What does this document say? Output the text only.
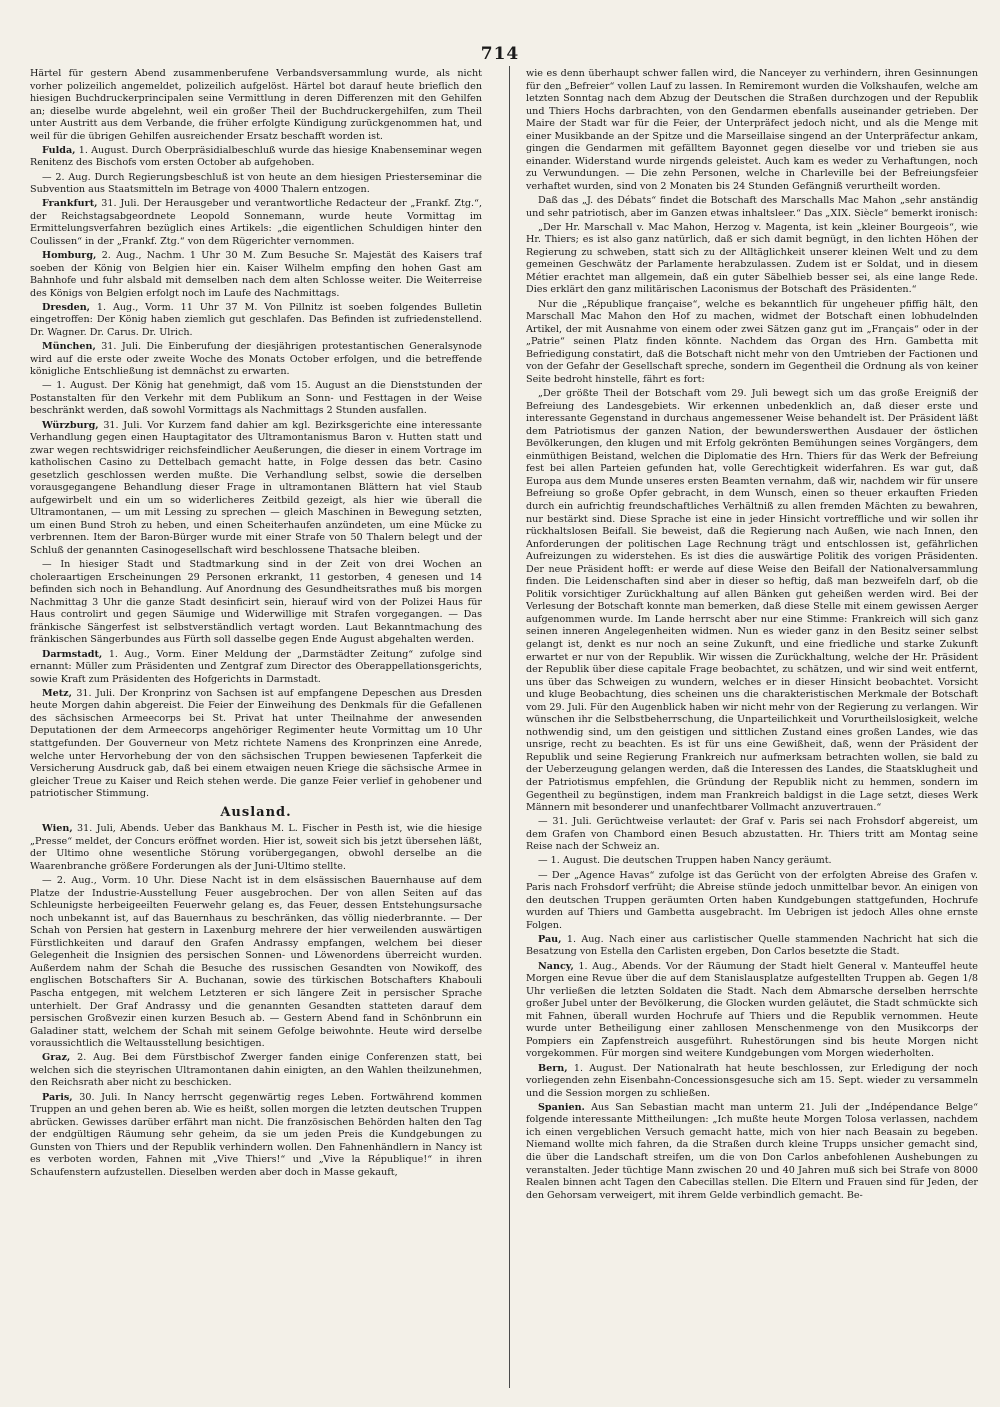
714

Härtel für gestern Abend zusammenberufene Verbandsversammlung wurde, als nicht vorher polizeilich angemeldet, polizeilich aufgelöst. Härtel bot darauf heute brieflich den hiesigen Buchdruckerprincipalen seine Vermittlung in deren Differenzen mit den Gehilfen an; dieselbe wurde abgelehnt, weil ein großer Theil der Buchdruckergehilfen, zum Theil unter Austritt aus dem Verbande, die früher erfolgte Kündigung zurückgenommen hat, und weil für die übrigen Gehilfen ausreichender Ersatz beschafft worden ist.

Fulda, 1. August. Durch Oberpräsidialbeschluß wurde das hiesige Knabenseminar wegen Renitenz des Bischofs vom ersten October ab aufgehoben.

— 2. Aug. Durch Regierungsbeschluß ist von heute an dem hiesigen Priesterseminar die Subvention aus Staatsmitteln im Betrage von 4000 Thalern entzogen.

Frankfurt, 31. Juli. Der Herausgeber und verantwortliche Redacteur der „Frankf. Ztg.“, der Reichstagsabgeordnete Leopold Sonnemann, wurde heute Vormittag im Ermittelungsverfahren bezüglich eines Artikels: „die eigentlichen Schuldigen hinter den Coulissen“ in der „Frankf. Ztg.“ von dem Rügerichter vernommen.

Homburg, 2. Aug., Nachm. 1 Uhr 30 M. Zum Besuche Sr. Majestät des Kaisers traf soeben der König von Belgien hier ein. Kaiser Wilhelm empfing den hohen Gast am Bahnhofe und fuhr alsbald mit demselben nach dem alten Schlosse weiter. Die Weiterreise des Königs von Belgien erfolgt noch im Laufe des Nachmittags.

Dresden, 1. Aug., Vorm. 11 Uhr 37 M. Von Pillnitz ist soeben folgendes Bulletin eingetroffen: Der König haben ziemlich gut geschlafen. Das Befinden ist zufriedenstellend. Dr. Wagner. Dr. Carus. Dr. Ulrich.

München, 31. Juli. Die Einberufung der diesjährigen protestantischen Generalsynode wird auf die erste oder zweite Woche des Monats October erfolgen, und die betreffende königliche Entschließung ist demnächst zu erwarten.

— 1. August. Der König hat genehmigt, daß vom 15. August an die Dienststunden der Postanstalten für den Verkehr mit dem Publikum an Sonn- und Festtagen in der Weise beschränkt werden, daß sowohl Vormittags als Nachmittags 2 Stunden ausfallen.

Würzburg, 31. Juli. Vor Kurzem fand dahier am kgl. Bezirksgerichte eine interessante Verhandlung gegen einen Hauptagitator des Ultramontanismus Baron v. Hutten statt und zwar wegen rechtswidriger reichsfeindlicher Aeußerungen, die dieser in einem Vortrage im katholischen Casino zu Dettelbach gemacht hatte, in Folge dessen das betr. Casino gesetzlich geschlossen werden mußte. Die Verhandlung selbst, sowie die derselben vorausgegangene Behandlung dieser Frage in ultramontanen Blättern hat viel Staub aufgewirbelt und ein um so widerlicheres Zeitbild gezeigt, als hier wie überall die Ultramontanen, — um mit Lessing zu sprechen — gleich Maschinen in Bewegung setzten, um einen Bund Stroh zu heben, und einen Scheiterhaufen anzündeten, um eine Mücke zu verbrennen. Item der Baron-Bürger wurde mit einer Strafe von 50 Thalern belegt und der Schluß der genannten Casinogesellschaft wird beschlossene Thatsache bleiben.

— In hiesiger Stadt und Stadtmarkung sind in der Zeit von drei Wochen an choleraartigen Erscheinungen 29 Personen erkrankt, 11 gestorben, 4 genesen und 14 befinden sich noch in Behandlung. Auf Anordnung des Gesundheitsrathes muß bis morgen Nachmittag 3 Uhr die ganze Stadt desinficirt sein, hierauf wird von der Polizei Haus für Haus controlirt und gegen Säumige und Widerwillige mit Strafen vorgegangen. — Das fränkische Sängerfest ist selbstverständlich vertagt worden. Laut Bekanntmachung des fränkischen Sängerbundes aus Fürth soll dasselbe gegen Ende August abgehalten werden.

Darmstadt, 1. Aug., Vorm. Einer Meldung der „Darmstädter Zeitung“ zufolge sind ernannt: Müller zum Präsidenten und Zentgraf zum Director des Oberappellationsgerichts, sowie Kraft zum Präsidenten des Hofgerichts in Darmstadt.

Metz, 31. Juli. Der Kronprinz von Sachsen ist auf empfangene Depeschen aus Dresden heute Morgen dahin abgereist. Die Feier der Einweihung des Denkmals für die Gefallenen des sächsischen Armeecorps bei St. Privat hat unter Theilnahme der anwesenden Deputationen der dem Armeecorps angehöriger Regimenter heute Vormittag um 10 Uhr stattgefunden. Der Gouverneur von Metz richtete Namens des Kronprinzen eine Anrede, welche unter Hervorhebung der von den sächsischen Truppen bewiesenen Tapferkeit die Versicherung Ausdruck gab, daß bei einem etwaigen neuen Kriege die sächsische Armee in gleicher Treue zu Kaiser und Reich stehen werde. Die ganze Feier verlief in gehobener und patriotischer Stimmung.

Ausland.

Wien, 31. Juli, Abends. Ueber das Bankhaus M. L. Fischer in Pesth ist, wie die hiesige „Presse“ meldet, der Concurs eröffnet worden. Hier ist, soweit sich bis jetzt übersehen läßt, der Ultimo ohne wesentliche Störung vorübergegangen, obwohl derselbe an die Waarenbranche größere Forderungen als der Juni-Ultimo stellte.

— 2. Aug., Vorm. 10 Uhr. Diese Nacht ist in dem elsässischen Bauernhause auf dem Platze der Industrie-Ausstellung Feuer ausgebrochen. Der von allen Seiten auf das Schleunigste herbeigeeilten Feuerwehr gelang es, das Feuer, dessen Entstehungsursache noch unbekannt ist, auf das Bauernhaus zu beschränken, das völlig niederbrannte. — Der Schah von Persien hat gestern in Laxenburg mehrere der hier verweilenden auswärtigen Fürstlichkeiten und darauf den Grafen Andrassy empfangen, welchem bei dieser Gelegenheit die Insignien des persischen Sonnen- und Löwenordens überreicht wurden. Außerdem nahm der Schah die Besuche des russischen Gesandten von Nowikoff, des englischen Botschafters Sir A. Buchanan, sowie des türkischen Botschafters Khabouli Pascha entgegen, mit welchem Letzteren er sich längere Zeit in persischer Sprache unterhielt. Der Graf Andrassy und die genannten Gesandten statteten darauf dem persischen Großvezir einen kurzen Besuch ab. — Gestern Abend fand in Schönbrunn ein Galadiner statt, welchem der Schah mit seinem Gefolge beiwohnte. Heute wird derselbe voraussichtlich die Weltausstellung besichtigen.

Graz, 2. Aug. Bei dem Fürstbischof Zwerger fanden einige Conferenzen statt, bei welchen sich die steyrischen Ultramontanen dahin einigten, an den Wahlen theilzunehmen, den Reichsrath aber nicht zu beschicken.

Paris, 30. Juli. In Nancy herrscht gegenwärtig reges Leben. Fortwährend kommen Truppen an und gehen beren ab. Wie es heißt, sollen morgen die letzten deutschen Truppen abrücken. Gewisses darüber erfährt man nicht. Die französischen Behörden halten den Tag der endgültigen Räumung sehr geheim, da sie um jeden Preis die Kundgebungen zu Gunsten von Thiers und der Republik verhindern wollen. Den Fahnenhändlern in Nancy ist es verboten worden, Fahnen mit „Vive Thiers!“ und „Vive la République!“ in ihren Schaufenstern aufzustellen. Dieselben werden aber doch in Masse gekauft,

wie es denn überhaupt schwer fallen wird, die Nanceyer zu verhindern, ihren Gesinnungen für den „Befreier“ vollen Lauf zu lassen. In Remiremont wurden die Volkshaufen, welche am letzten Sonntag nach dem Abzug der Deutschen die Straßen durchzogen und der Republik und Thiers Hochs darbrachten, von den Gendarmen ebenfalls auseinander getrieben. Der Maire der Stadt war für die Feier, der Unterpräfect jedoch nicht, und als die Menge mit einer Musikbande an der Spitze und die Marseillaise singend an der Unterpräfectur ankam, gingen die Gendarmen mit gefälltem Bayonnet gegen dieselbe vor und trieben sie aus einander. Widerstand wurde nirgends geleistet. Auch kam es weder zu Verhaftungen, noch zu Verwundungen. — Die zehn Personen, welche in Charleville bei der Befreiungsfeier verhaftet wurden, sind von 2 Monaten bis 24 Stunden Gefängniß verurtheilt worden.

Daß das „J. des Débats“ findet die Botschaft des Marschalls Mac Mahon „sehr anständig und sehr patriotisch, aber im Ganzen etwas inhaltsleer.“ Das „XIX. Siècle“ bemerkt ironisch:

„Der Hr. Marschall v. Mac Mahon, Herzog v. Magenta, ist kein „kleiner Bourgeois“, wie Hr. Thiers; es ist also ganz natürlich, daß er sich damit begnügt, in den lichten Höhen der Regierung zu schweben, statt sich zu der Alltäglichkeit unserer kleinen Welt und zu dem gemeinen Geschwätz der Parlamente herabzulassen. Zudem ist er Soldat, und in diesem Métier erachtet man allgemein, daß ein guter Säbelhieb besser sei, als eine lange Rede. Dies erklärt den ganz militärischen Laconismus der Botschaft des Präsidenten.“

Nur die „République française“, welche es bekanntlich für ungeheuer pfiffig hält, den Marschall Mac Mahon den Hof zu machen, widmet der Botschaft einen lobhudelnden Artikel, der mit Ausnahme von einem oder zwei Sätzen ganz gut im „Français“ oder in der „Patrie“ seinen Platz finden könnte. Nachdem das Organ des Hrn. Gambetta mit Befriedigung constatirt, daß die Botschaft nicht mehr von den Umtrieben der Factionen und von der Gefahr der Gesellschaft spreche, sondern im Gegentheil die Ordnung als von keiner Seite bedroht hinstelle, fährt es fort:

„Der größte Theil der Botschaft vom 29. Juli bewegt sich um das große Ereigniß der Befreiung des Landesgebiets. Wir erkennen unbedenklich an, daß dieser erste und interessante Gegenstand in durchaus angemessener Weise behandelt ist. Der Präsident läßt dem Patriotismus der ganzen Nation, der bewunderswerthen Ausdauer der östlichen Bevölkerungen, den klugen und mit Erfolg gekrönten Bemühungen seines Vorgängers, dem einmüthigen Beistand, welchen die Diplomatie des Hrn. Thiers für das Werk der Befreiung fest bei allen Parteien gefunden hat, volle Gerechtigkeit widerfahren. Es war gut, daß Europa aus dem Munde unseres ersten Beamten vernahm, daß wir, nachdem wir für unsere Befreiung so große Opfer gebracht, in dem Wunsch, einen so theuer erkauften Frieden durch ein aufrichtig freundschaftliches Verhältniß zu allen fremden Mächten zu bewahren, nur bestärkt sind. Diese Sprache ist eine in jeder Hinsicht vortreffliche und wir sollen ihr rückhaltslosen Beifall. Sie beweist, daß die Regierung nach Außen, wie nach Innen, den Anforderungen der politischen Lage Rechnung trägt und entschlossen ist, gefährlichen Aufreizungen zu widerstehen. Es ist dies die auswärtige Politik des vorigen Präsidenten. Der neue Präsident hofft: er werde auf diese Weise den Beifall der Nationalversammlung finden. Die Leidenschaften sind aber in dieser so heftig, daß man bezweifeln darf, ob die Politik vorsichtiger Zurückhaltung auf allen Bänken gut geheißen werden wird. Bei der Verlesung der Botschaft konnte man bemerken, daß diese Stelle mit einem gewissen Aerger aufgenommen wurde. Im Lande herrscht aber nur eine Stimme: Frankreich will sich ganz seinen inneren Angelegenheiten widmen. Nun es wieder ganz in den Besitz seiner selbst gelangt ist, denkt es nur noch an seine Zukunft, und eine friedliche und starke Zukunft erwartet er nur von der Republik. Wir wissen die Zurückhaltung, welche der Hr. Präsident der Republik über diese capitale Frage beobachtet, zu schätzen, und wir sind weit entfernt, uns über das Schweigen zu wundern, welches er in dieser Hinsicht beobachtet. Vorsicht und kluge Beobachtung, dies scheinen uns die charakteristischen Merkmale der Botschaft vom 29. Juli. Für den Augenblick haben wir nicht mehr von der Regierung zu verlangen. Wir wünschen ihr die Selbstbeherrschung, die Unparteilichkeit und Vorurtheilslosigkeit, welche nothwendig sind, um den geistigen und sittlichen Zustand eines großen Landes, wie das unsrige, recht zu beachten. Es ist für uns eine Gewißheit, daß, wenn der Präsident der Republik und seine Regierung Frankreich nur aufmerksam betrachten wollen, sie bald zu der Ueberzeugung gelangen werden, daß die Interessen des Landes, die Staatsklugheit und der Patriotismus empfehlen, die Gründung der Republik nicht zu hemmen, sondern im Gegentheil zu begünstigen, indem man Frankreich baldigst in die Lage setzt, dieses Werk Männern mit besonderer und unanfechtbarer Vollmacht anzuvertrauen.“

— 31. Juli. Gerüchtweise verlautet: der Graf v. Paris sei nach Frohsdorf abgereist, um dem Grafen von Chambord einen Besuch abzustatten. Hr. Thiers tritt am Montag seine Reise nach der Schweiz an.

— 1. August. Die deutschen Truppen haben Nancy geräumt.

— Der „Agence Havas“ zufolge ist das Gerücht von der erfolgten Abreise des Grafen v. Paris nach Frohsdorf verfrüht; die Abreise stünde jedoch unmittelbar bevor. An einigen von den deutschen Truppen geräumten Orten haben Kundgebungen stattgefunden, Hochrufe wurden auf Thiers und Gambetta ausgebracht. Im Uebrigen ist jedoch Alles ohne ernste Folgen.

Pau, 1. Aug. Nach einer aus carlistischer Quelle stammenden Nachricht hat sich die Besatzung von Estella den Carlisten ergeben, Don Carlos besetzte die Stadt.

Nancy, 1. Aug., Abends. Vor der Räumung der Stadt hielt General v. Manteuffel heute Morgen eine Revue über die auf dem Stanislausplatze aufgestellten Truppen ab. Gegen 1/8 Uhr verließen die letzten Soldaten die Stadt. Nach dem Abmarsche derselben herrschte großer Jubel unter der Bevölkerung, die Glocken wurden geläutet, die Stadt schmückte sich mit Fahnen, überall wurden Hochrufe auf Thiers und die Republik vernommen. Heute wurde unter Betheiligung einer zahllosen Menschenmenge von den Musikcorps der Pompiers ein Zapfenstreich ausgeführt. Ruhestörungen sind bis heute Morgen nicht vorgekommen. Für morgen sind weitere Kundgebungen vom Morgen wiederholten.

Bern, 1. August. Der Nationalrath hat heute beschlossen, zur Erledigung der noch vorliegenden zehn Eisenbahn-Concessionsgesuche sich am 15. Sept. wieder zu versammeln und die Session morgen zu schließen.

Spanien. Aus San Sebastian macht man unterm 21. Juli der „Indépendance Belge“ folgende interessante Mittheilungen: „Ich mußte heute Morgen Tolosa verlassen, nachdem ich einen vergeblichen Versuch gemacht hatte, mich von hier nach Beasain zu begeben. Niemand wollte mich fahren, da die Straßen durch kleine Trupps unsicher gemacht sind, die über die Landschaft streifen, um die von Don Carlos anbefohlenen Aushebungen zu veranstalten. Jeder tüchtige Mann zwischen 20 und 40 Jahren muß sich bei Strafe von 8000 Realen binnen acht Tagen den Cabecillas stellen. Die Eltern und Frauen sind für Jeden, der den Gehorsam verweigert, mit ihrem Gelde verbindlich gemacht. Be-
